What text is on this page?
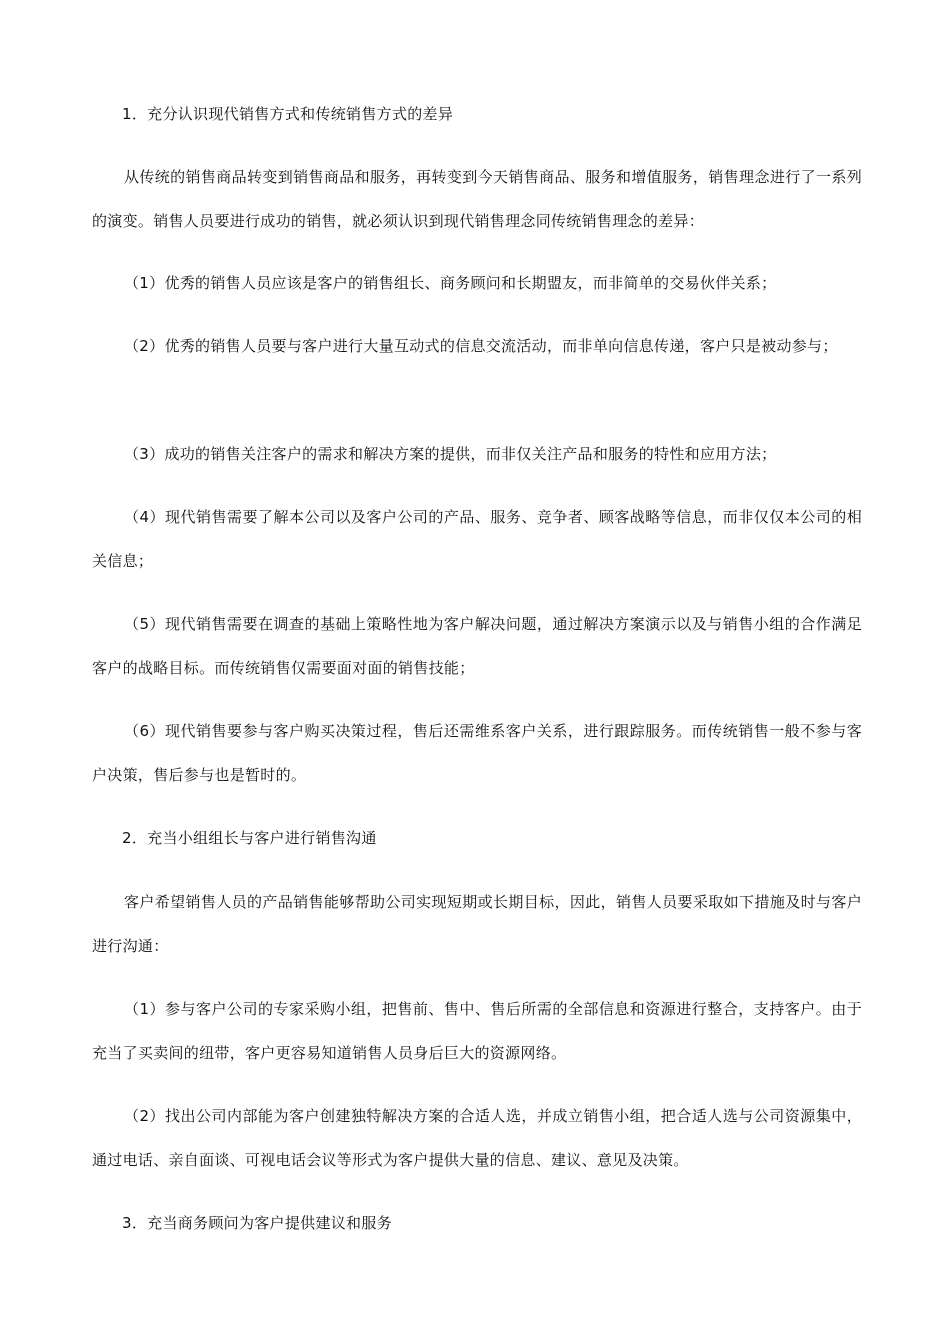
1．充分认识现代销售方式和传统销售方式的差异

从传统的销售商品转变到销售商品和服务，再转变到今天销售商品、服务和增值服务，销售理念进行了一系列的演变。销售人员要进行成功的销售，就必须认识到现代销售理念同传统销售理念的差异：

（1）优秀的销售人员应该是客户的销售组长、商务顾问和长期盟友，而非简单的交易伙伴关系；

（2）优秀的销售人员要与客户进行大量互动式的信息交流活动，而非单向信息传递，客户只是被动参与；

（3）成功的销售关注客户的需求和解决方案的提供，而非仅关注产品和服务的特性和应用方法；

（4）现代销售需要了解本公司以及客户公司的产品、服务、竞争者、顾客战略等信息，而非仅仅本公司的相关信息；

（5）现代销售需要在调查的基础上策略性地为客户解决问题，通过解决方案演示以及与销售小组的合作满足客户的战略目标。而传统销售仅需要面对面的销售技能；

（6）现代销售要参与客户购买决策过程，售后还需维系客户关系，进行跟踪服务。而传统销售一般不参与客户决策，售后参与也是暂时的。

2．充当小组组长与客户进行销售沟通

客户希望销售人员的产品销售能够帮助公司实现短期或长期目标，因此，销售人员要采取如下措施及时与客户进行沟通：

（1）参与客户公司的专家采购小组，把售前、售中、售后所需的全部信息和资源进行整合，支持客户。由于充当了买卖间的纽带，客户更容易知道销售人员身后巨大的资源网络。

（2）找出公司内部能为客户创建独特解决方案的合适人选，并成立销售小组，把合适人选与公司资源集中，通过电话、亲自面谈、可视电话会议等形式为客户提供大量的信息、建议、意见及决策。

3．充当商务顾问为客户提供建议和服务
